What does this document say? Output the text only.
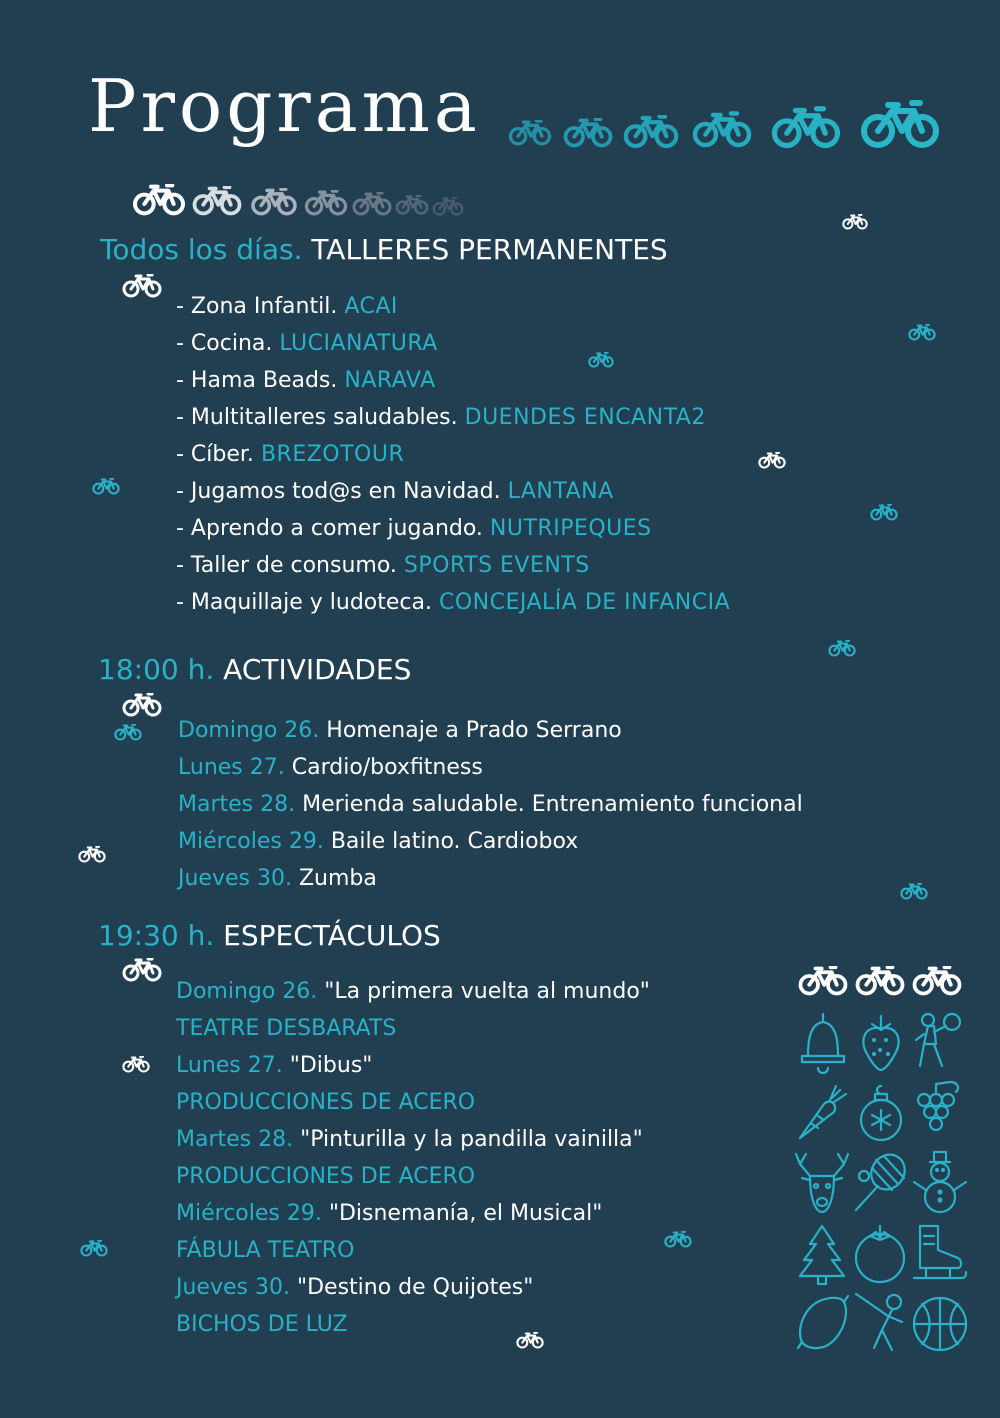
Programa
Todos los días. TALLERES PERMANENTES
- Zona Infantil. ACAI
- Cocina. LUCIANATURA
- Hama Beads. NARAVA
- Multitalleres saludables. DUENDES ENCANTA2
- Cíber. BREZOTOUR
- Jugamos tod@s en Navidad. LANTANA
- Aprendo a comer jugando. NUTRIPEQUES
- Taller de consumo. SPORTS EVENTS
- Maquillaje y ludoteca. CONCEJALÍA DE INFANCIA
18:00 h. ACTIVIDADES
Domingo 26. Homenaje a Prado Serrano
Lunes 27. Cardio/boxfitness
Martes 28. Merienda saludable. Entrenamiento funcional
Miércoles 29. Baile latino. Cardiobox
Jueves 30. Zumba
19:30 h. ESPECTÁCULOS
Domingo 26. "La primera vuelta al mundo"
TEATRE DESBARATS
Lunes 27. "Dibus"
PRODUCCIONES DE ACERO
Martes 28. "Pinturilla y la pandilla vainilla"
PRODUCCIONES DE ACERO
Miércoles 29. "Disnemanía, el Musical"
FÁBULA TEATRO
Jueves 30. "Destino de Quijotes"
BICHOS DE LUZ
